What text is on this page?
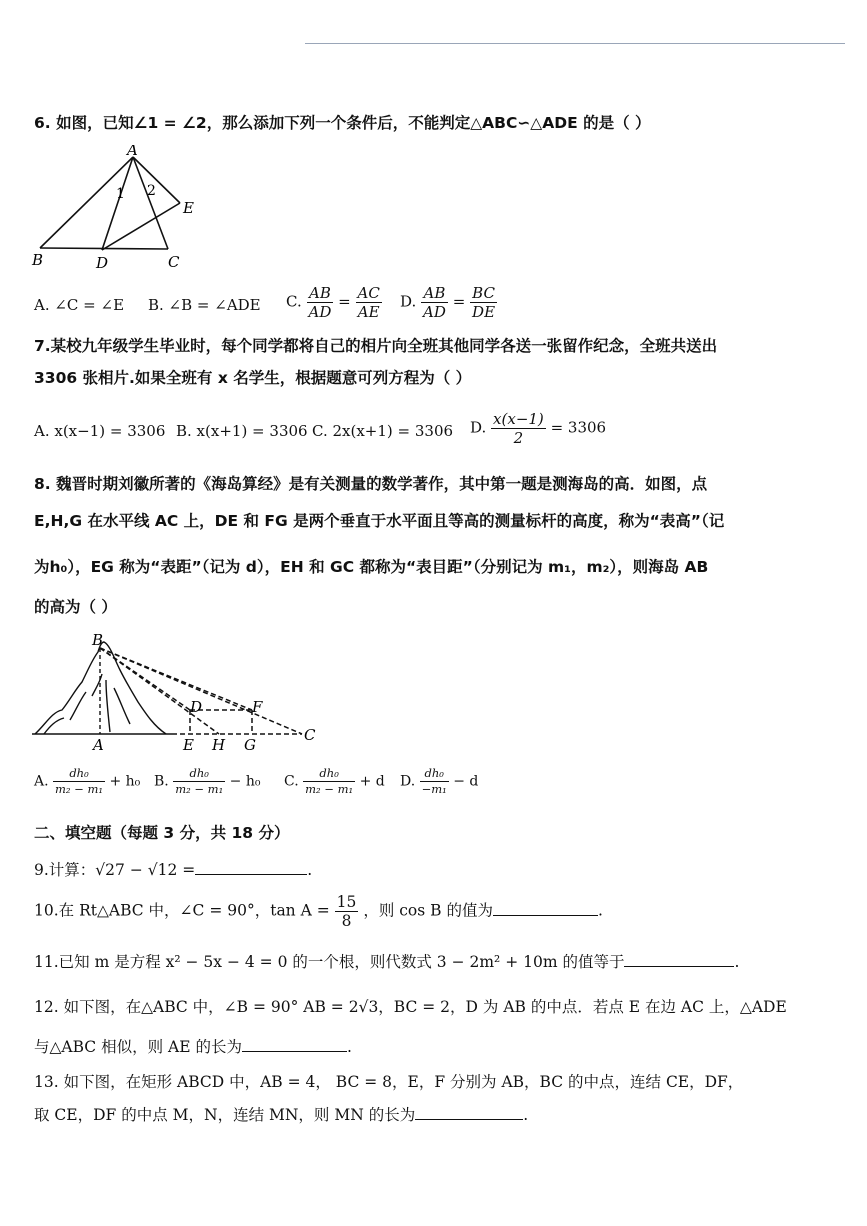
6. 如图，已知∠1 = ∠2，那么添加下列一个条件后，不能判定△ABC∽△ADE 的是（ ）
A
B	D	C
E
1 2
A. ∠C = ∠E B. ∠B = ∠ADE C. $\frac{AB}{AD} = \frac{AC}{AE} D$. $\frac{AB}{AD} = \frac{BC}{DE}$
7.某校九年级学生毕业时，每个同学都将自己的相片向全班其他同学各送一张留作纪念，全班共送出
3306 张相片.如果全班有 x 名学生，根据题意可列方程为（ ）
A. x(x−1) = 3306 B. x(x+1) = 3306 C. 2x(x+1) = 3306 D. $\frac{x(x-1)}{2} = 3306$
8. 魏晋时期刘徽所著的《海岛算经》是有关测量的数学著作，其中第一题是测海岛的高．如图，点
E,H,G 在水平线 AC 上，DE 和 FG 是两个垂直于水平面且等高的测量标杆的高度，称为“表高”（记
为h₀），EG 称为“表距”（记为 d），EH 和 GC 都称为“表目距”（分别记为 m₁，m₂），则海岛 AB
的高为（ ）
B
A
D	F
E H G
C
A. $\frac{\text{dh₀}}{\text{m₂ − m₁}} + h_0$ B. $\frac{\text{dh₀}}{\text{m₂ − m₁}} - h_0$ C. $\frac{\text{dh₀}}{\text{m₂ − m₁}} + d$ D. $\frac{\text{dh₀}}{\text{−m₁}} - d$
二、填空题（每题 3 分，共 18 分）
9.计算：√27 − √12 =	.
10.在 Rt△ABC 中，∠C = 90°，$\tan A = \frac{15}{8}$ ，则 cos B 的值为	.
11.已知 m 是方程 x² − 5x − 4 = 0 的一个根，则代数式 3 − 2m² + 10m 的值等于	.
12. 如下图，在△ABC 中，∠B = 90° AB = 2√3，BC = 2，D 为 AB 的中点．若点 E 在边 AC 上，△ADE
与△ABC 相似，则 AE 的长为	.
13. 如下图，在矩形 ABCD 中，AB = 4， BC = 8，E，F 分别为 AB，BC 的中点，连结 CE，DF，
取 CE，DF 的中点 M，N，连结 MN，则 MN 的长为	.
